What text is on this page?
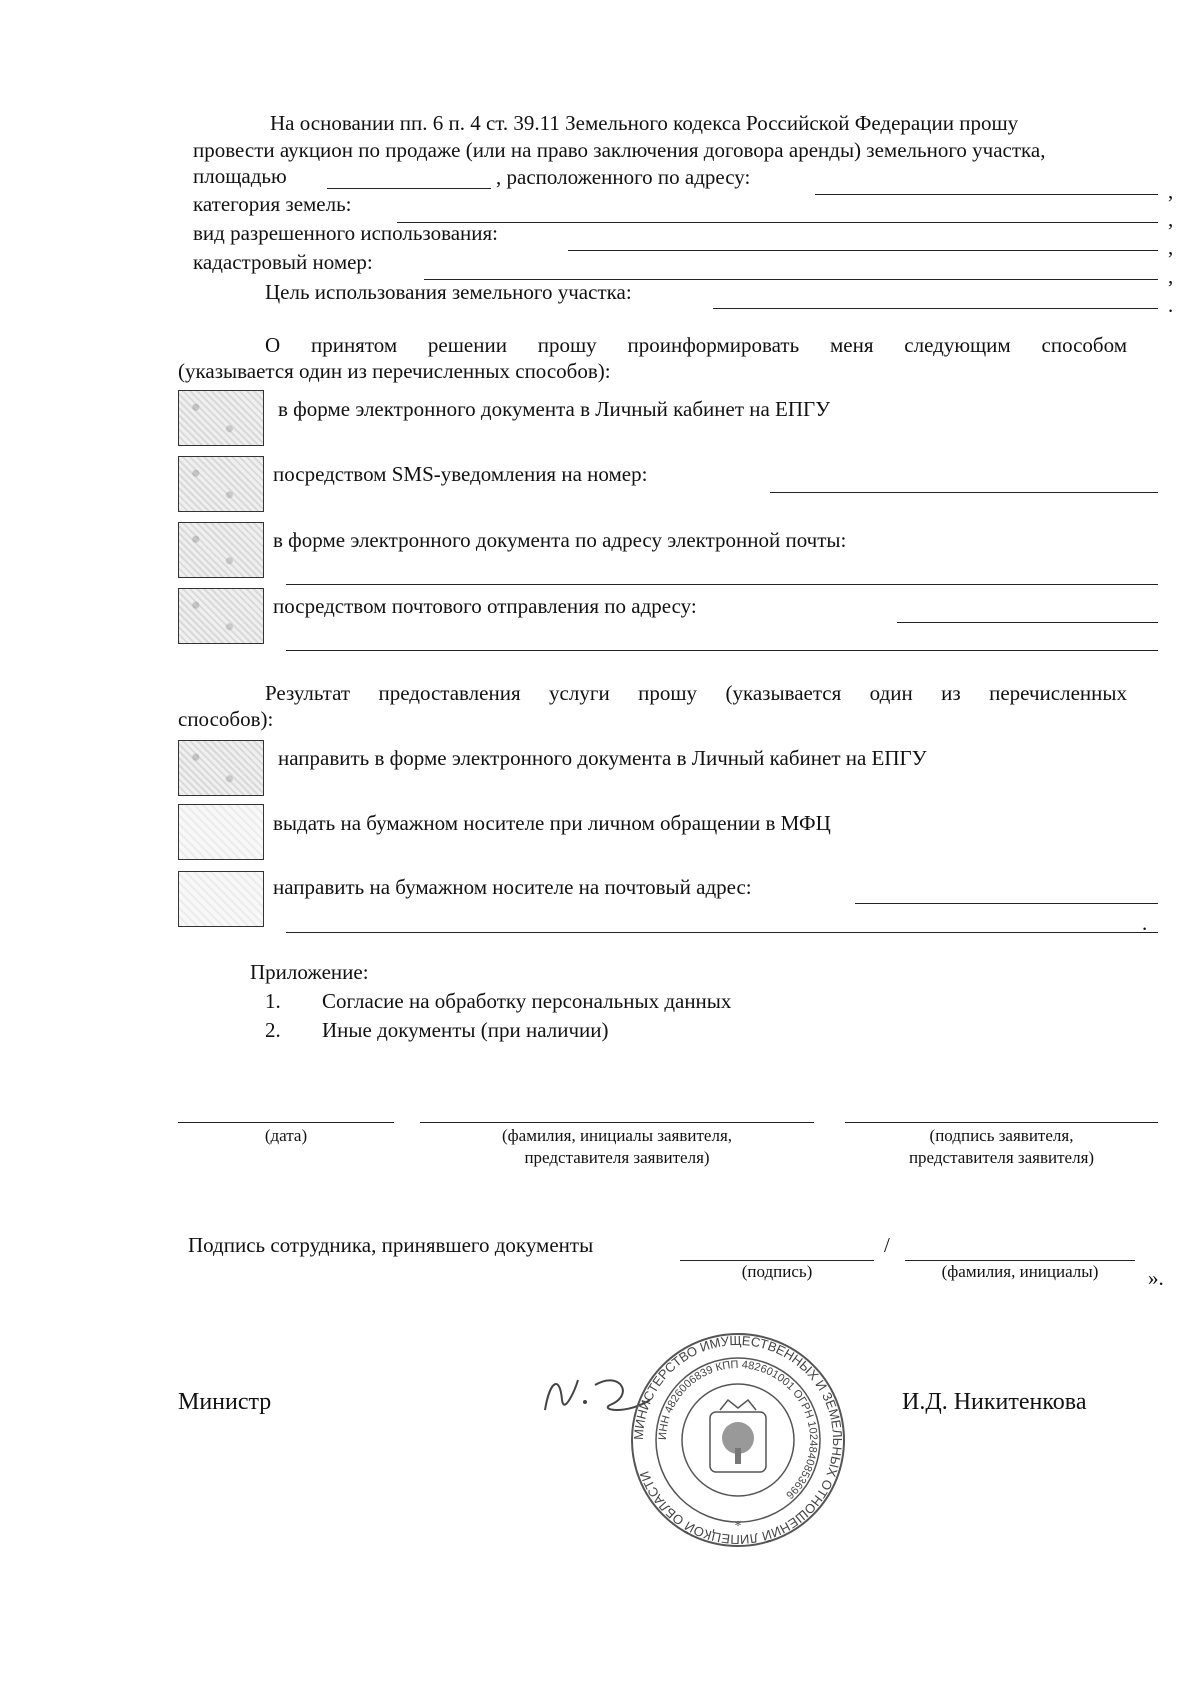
На основании пп. 6 п. 4 ст. 39.11 Земельного кодекса Российской Федерации прошу
провести аукцион по продаже (или на право заключения договора аренды) земельного участка,
площадью	, расположенного по адресу:
,
категория земель:
,
вид разрешенного использования:
,
кадастровый номер:
,
Цель использования земельного участка:
.
О принятом решении прошу проинформировать меня следующим способом
(указывается один из перечисленных способов):
в форме электронного документа в Личный кабинет на ЕПГУ
посредством SMS-уведомления на номер:
в форме электронного документа по адресу электронной почты:
посредством почтового отправления по адресу:
Результат предоставления услуги прошу (указывается один из перечисленных
способов):
направить в форме электронного документа в Личный кабинет на ЕПГУ
выдать на бумажном носителе при личном обращении в МФЦ
направить на бумажном носителе на почтовый адрес:
.
Приложение:
1. Согласие на обработку персональных данных
2. Иные документы (при наличии)
(дата)	(фамилия, инициалы заявителя,
представителя заявителя)
(подпись заявителя,
представителя заявителя)
Подпись сотрудника, принявшего документы	/
(подпись)	(фамилия, инициалы)	».
Министр	И.Д. Никитенкова
МИНИСТЕРСТВО ИМУЩЕСТВЕННЫХ И ЗЕМЕЛЬНЫХ ОТНОШЕНИЙ ЛИПЕЦКОЙ ОБЛАСТИ
ИНН 4826006839 КПП 482601001 ОГРН 1024840853696
*
